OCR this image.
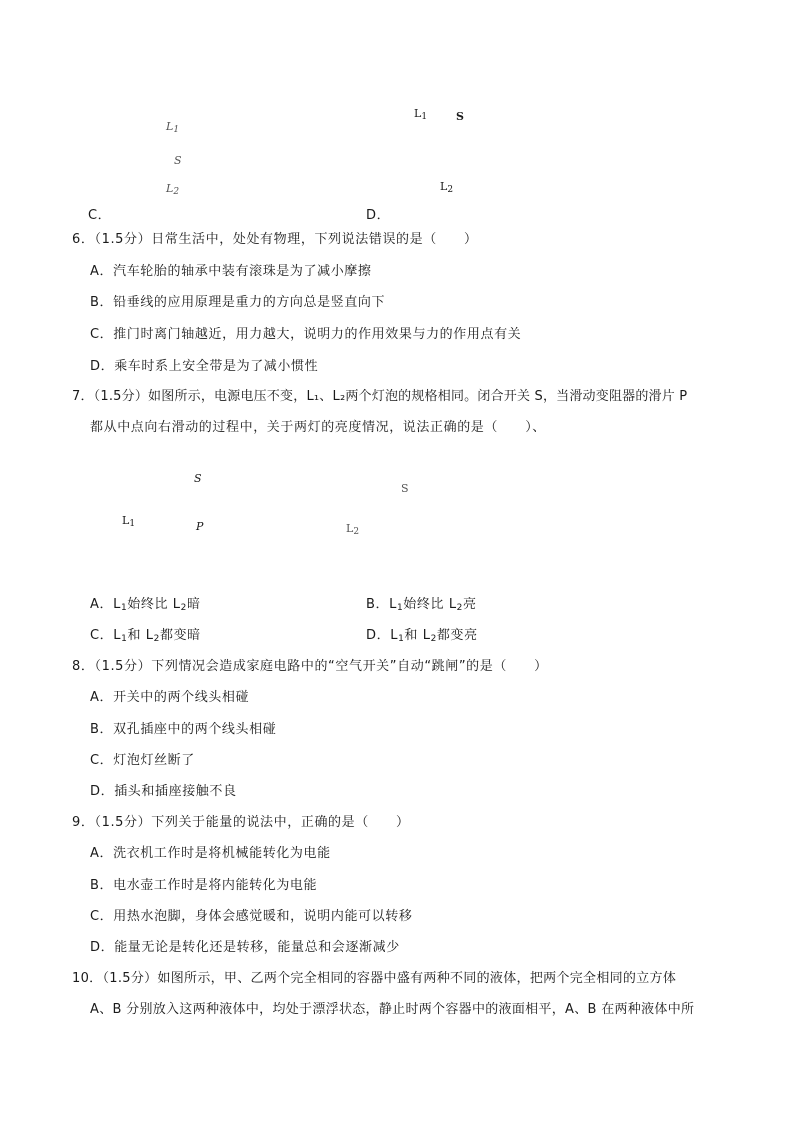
$L_1$
S
$L_2$
C．
$L_1$	S
$L_2$
D．
6．（1.5分）日常生活中，处处有物理，下列说法错误的是（　　）
A．汽车轮胎的轴承中装有滚珠是为了减小摩擦
B．铅垂线的应用原理是重力的方向总是竖直向下
C．推门时离门轴越近，用力越大，说明力的作用效果与力的作用点有关
D．乘车时系上安全带是为了减小惯性
7．（1.5分）如图所示，电源电压不变，L₁、L₂两个灯泡的规格相同。闭合开关 S，当滑动变阻器的滑片 P
都从中点向右滑动的过程中，关于两灯的亮度情况，说法正确的是（　　）、
S
$L_1$	P
S
$L_2$
A．$L_1$始终比 $L_2$暗	B．$L_1$始终比 $L_2$亮
C．$L_1$和 $L_2$都变暗	D．$L_1$和 $L_2$都变亮
8．（1.5分）下列情况会造成家庭电路中的“空气开关”自动“跳闸”的是（　　）
A．开关中的两个线头相碰
B．双孔插座中的两个线头相碰
C．灯泡灯丝断了
D．插头和插座接触不良
9．（1.5分）下列关于能量的说法中，正确的是（　　）
A．洗衣机工作时是将机械能转化为电能
B．电水壶工作时是将内能转化为电能
C．用热水泡脚，身体会感觉暖和，说明内能可以转移
D．能量无论是转化还是转移，能量总和会逐渐减少
10．（1.5分）如图所示，甲、乙两个完全相同的容器中盛有两种不同的液体，把两个完全相同的立方体
A、B 分别放入这两种液体中，均处于漂浮状态，静止时两个容器中的液面相平，A、B 在两种液体中所
